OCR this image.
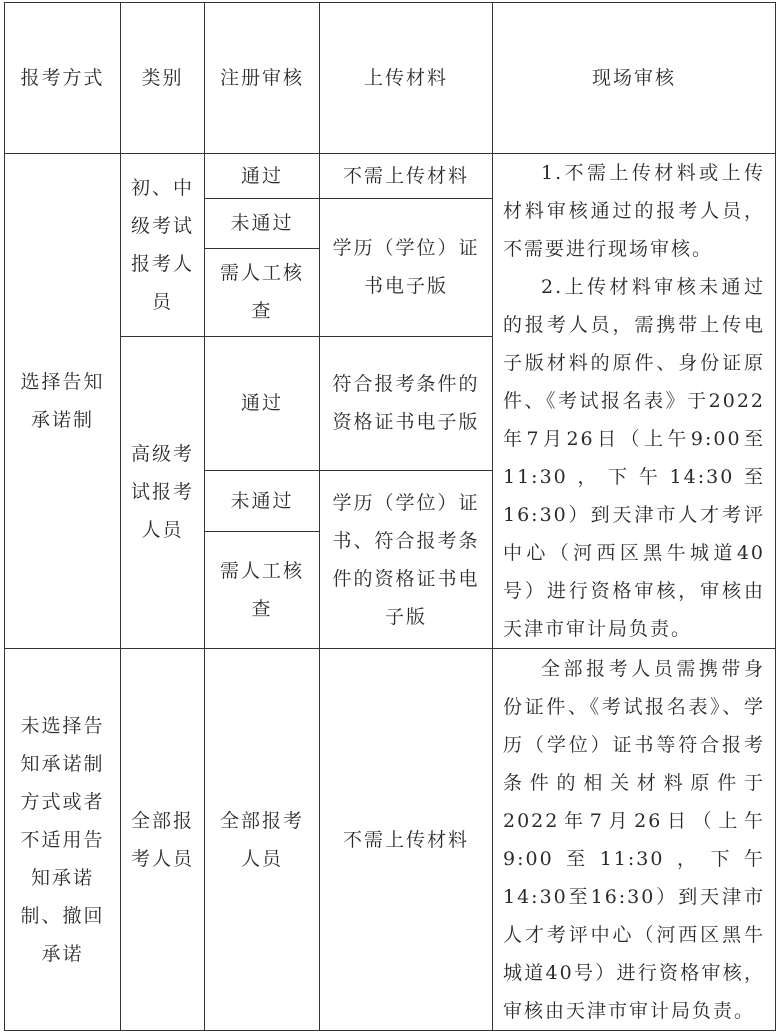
报考方式	类别	注册审核	上传材料	现场审核
选择告知承诺制	初、中级考试报考人员	通过	不需上传材料	1.不需上传材料或上传材料审核通过的报考人员，不需要进行现场审核。

2.上传材料审核未通过的报考人员，需携带上传电子版材料的原件、身份证原件、《考试报名表》于2022年7月26日（上午9:00至11:30，下午14:30至16:30）到天津市人才考评中心（河西区黑牛城道40号）进行资格审核，审核由天津市审计局负责。

		未通过	学历（学位）证书电子版	
		需人工核查		
	高级考试报考人员	通过	符合报考条件的资格证书电子版	
		未通过	学历（学位）证书、符合报考条件的资格证书电子版	
		需人工核查		
未选择告知承诺制方式或者不适用告知承诺制、撤回承诺	全部报考人员	全部报考人员	不需上传材料	全部报考人员需携带身份证件、《考试报名表》、学历（学位）证书等符合报考条件的相关材料原件于2022年7月26日（上午9:00至11:30，下午14:30至16:30）到天津市人才考评中心（河西区黑牛城道40号）进行资格审核，审核由天津市审计局负责。
